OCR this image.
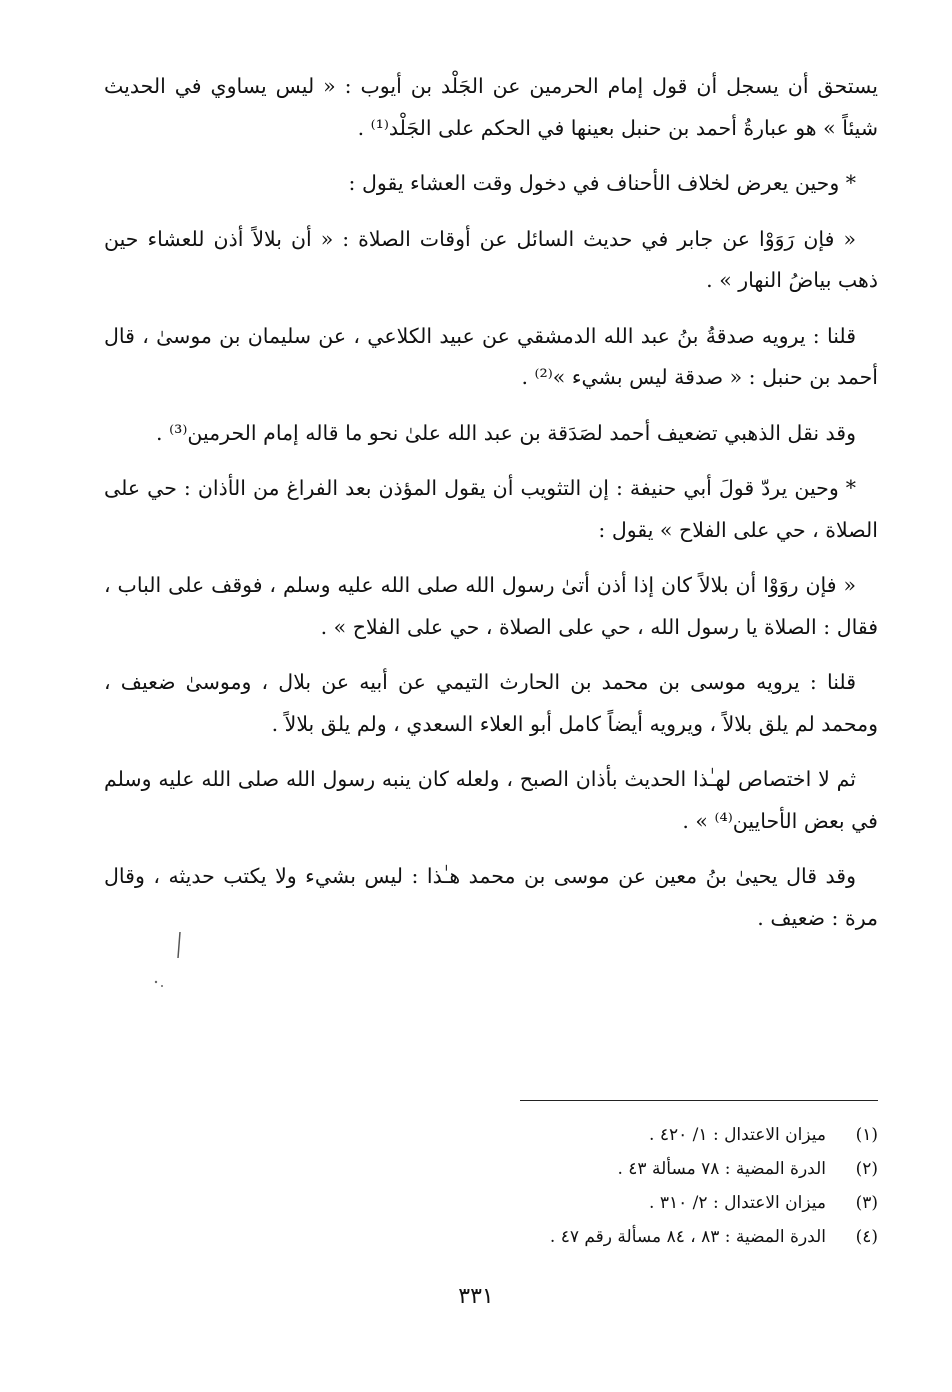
يستحق أن يسجل أن قول إمام الحرمين عن الجَلْد بن أيوب : « ليس يساوي في الحديث شيئاً » هو عبارةُ أحمد بن حنبل بعينها في الحكم على الجَلْد⁽¹⁾ .

* وحين يعرض لخلاف الأحناف في دخول وقت العشاء يقول :

« فإن رَوَوْا عن جابر في حديث السائل عن أوقات الصلاة : « أن بلالاً أذن للعشاء حين ذهب بياضُ النهار » .

قلنا : يرويه صدقةُ بنُ عبد الله الدمشقي عن عبيد الكلاعي ، عن سليمان بن موسىٰ ، قال أحمد بن حنبل : « صدقة ليس بشيء »⁽²⁾ .

وقد نقل الذهبي تضعيف أحمد لصَدَقة بن عبد الله علىٰ نحو ما قاله إمام الحرمين⁽³⁾ .

* وحين يردّ قولَ أبي حنيفة : إن التثويب أن يقول المؤذن بعد الفراغ من الأذان : حي على الصلاة ، حي على الفلاح » يقول :

« فإن روَوْا أن بلالاً كان إذا أذن أتىٰ رسول الله صلى الله عليه وسلم ، فوقف على الباب ، فقال : الصلاة يا رسول الله ، حي على الصلاة ، حي على الفلاح » .

قلنا : يرويه موسى بن محمد بن الحارث التيمي عن أبيه عن بلال ، وموسىٰ ضعيف ، ومحمد لم يلق بلالاً ، ويرويه أيضاً كامل أبو العلاء السعدي ، ولم يلق بلالاً .

ثم لا اختصاص لهـٰذا الحديث بأذان الصبح ، ولعله كان ينبه رسول الله صلى الله عليه وسلم في بعض الأحايين⁽⁴⁾ » .

وقد قال يحيىٰ بنُ معين عن موسى بن محمد هـٰذا : ليس بشيء ولا يكتب حديثه ، وقال مرة : ضعيف .

(١)
ميزان الاعتدال : ١/ ٤٢٠ .
(٢)
الدرة المضية : ٧٨ مسألة ٤٣ .
(٣)
ميزان الاعتدال : ٢/ ٣١٠ .
(٤)
الدرة المضية : ٨٣ ، ٨٤ مسألة رقم ٤٧ .
٣٣١
